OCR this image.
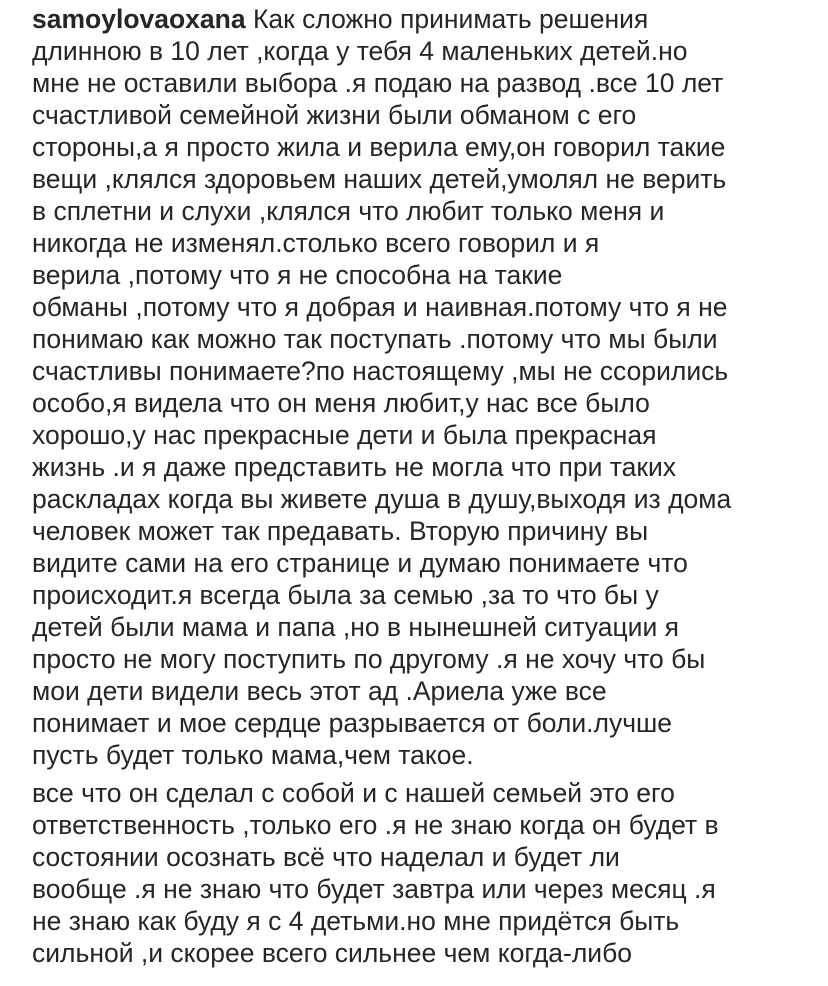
samoylovaoxana Как сложно принимать решения

длинною в 10 лет ,когда у тебя 4 маленьких детей.но

мне не оставили выбора .я подаю на развод .все 10 лет

счастливой семейной жизни были обманом с его

стороны,а я просто жила и верила ему,он говорил такие

вещи ,клялся здоровьем наших детей,умолял не верить

в сплетни и слухи ,клялся что любит только меня и

никогда не изменял.столько всего говорил и я

верила ,потому что я не способна на такие

обманы ,потому что я добрая и наивная.потому что я не

понимаю как можно так поступать .потому что мы были

счастливы понимаете?по настоящему ,мы не ссорились

особо,я видела что он меня любит,у нас все было

хорошо,у нас прекрасные дети и была прекрасная

жизнь .и я даже представить не могла что при таких

раскладах когда вы живете душа в душу,выходя из дома

человек может так предавать. Вторую причину вы

видите сами на его странице и думаю понимаете что

происходит.я всегда была за семью ,за то что бы у

детей были мама и папа ,но в нынешней ситуации я

просто не могу поступить по другому .я не хочу что бы

мои дети видели весь этот ад .Ариела уже все

понимает и мое сердце разрывается от боли.лучше

пусть будет только мама,чем такое.

все что он сделал с собой и с нашей семьей это его

ответственность ,только его .я не знаю когда он будет в

состоянии осознать всё что наделал и будет ли

вообще .я не знаю что будет завтра или через месяц .я

не знаю как буду я с 4 детьми.но мне придётся быть

сильной ,и скорее всего сильнее чем когда-либо
